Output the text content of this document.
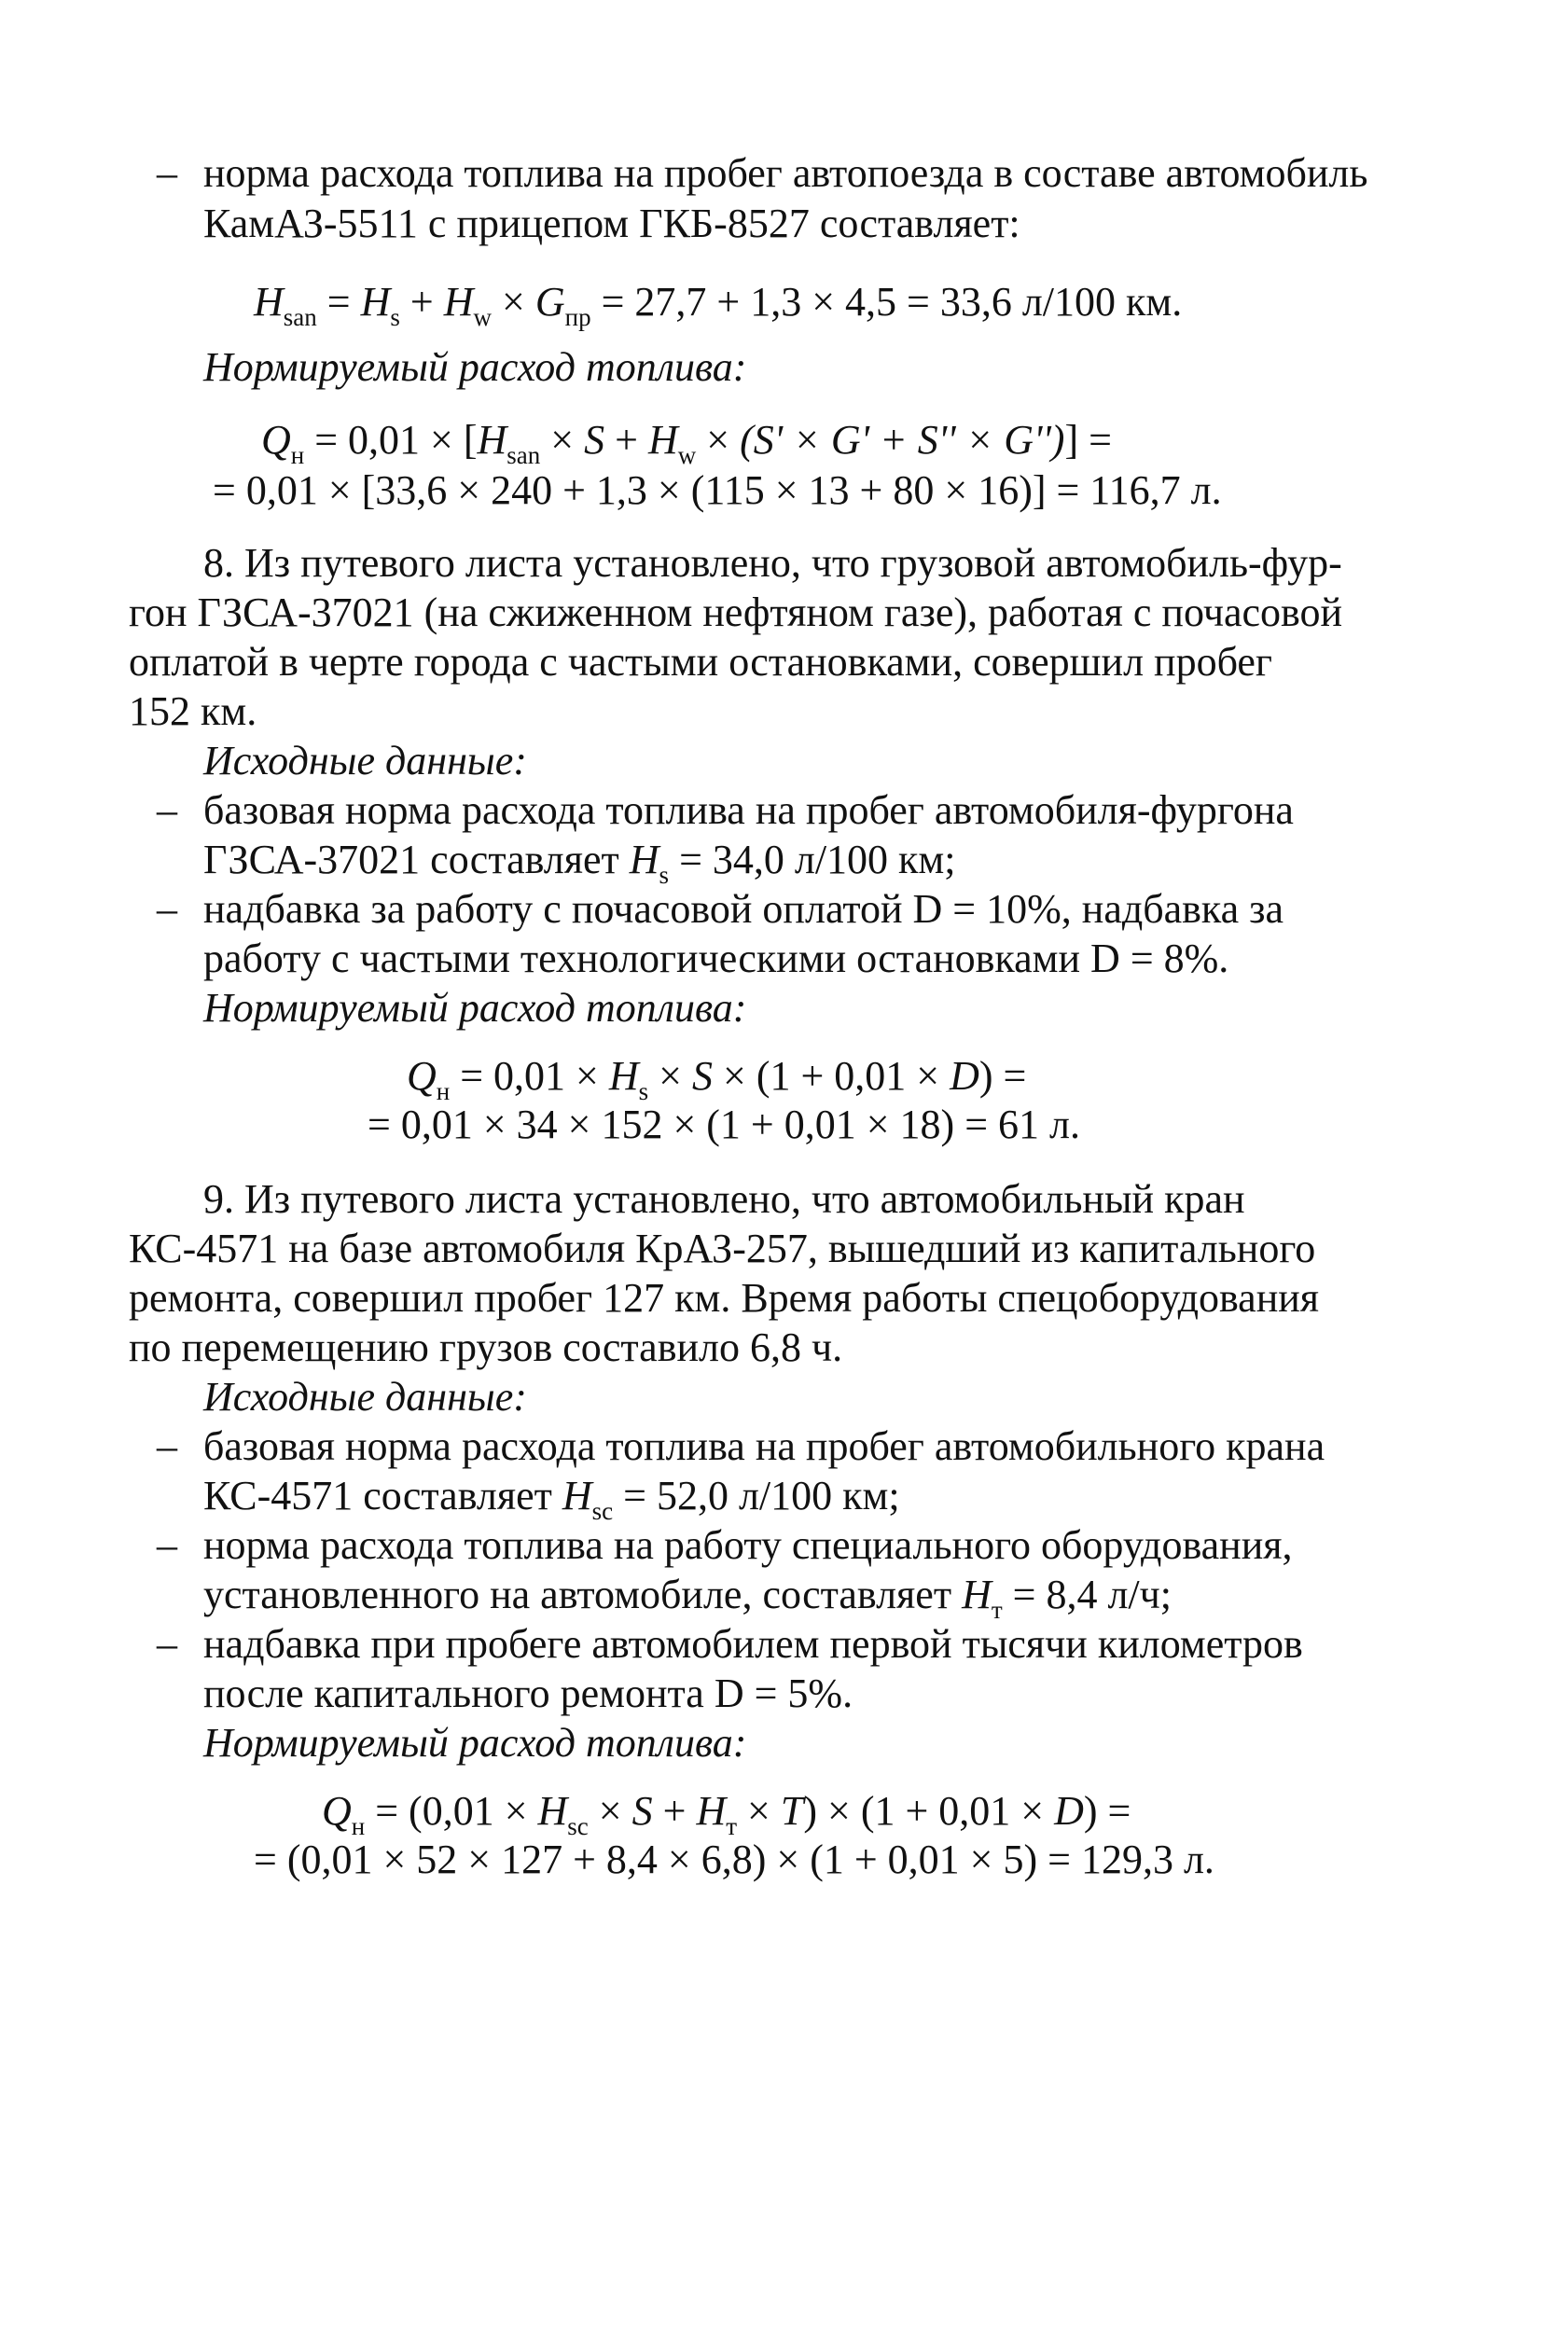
– норма расхода топлива на пробег автопоезда в составе автомобиль

КамАЗ-5511 с прицепом ГКБ-8527 составляет:

$H_{san} = H_s + H_w \times G_{пр} = 27,7 + 1,3 \times 4,5 = 33,6$ л/100 км.

Нормируемый расход топлива:

$Q_н = 0,01 \times [H_{san} \times S + H_w \times (S' \times G' + S'' \times G'')]$ =

= 0,01 × [33,6 × 240 + 1,3 × (115 × 13 + 80 × 16)] = 116,7 л.

8. Из путевого листа установлено, что грузовой автомобиль-фур-

гон ГЗСА-37021 (на сжиженном нефтяном газе), работая с почасовой

оплатой в черте города с частыми остановками, совершил пробег

152 км.

Исходные данные:

– базовая норма расхода топлива на пробег автомобиля-фургона

ГЗСА-37021 составляет $H_s = 34,0$ л/100 км;

– надбавка за работу с почасовой оплатой D = 10%, надбавка за

работу с частыми технологическими остановками D = 8%.

Нормируемый расход топлива:

$Q_н = 0,01 \times H_s \times S \times (1 + 0,01 \times D)$ =

= 0,01 × 34 × 152 × (1 + 0,01 × 18) = 61 л.

9. Из путевого листа установлено, что автомобильный кран

КС-4571 на базе автомобиля КрАЗ-257, вышедший из капитального

ремонта, совершил пробег 127 км. Время работы спецоборудования

по перемещению грузов составило 6,8 ч.

Исходные данные:

– базовая норма расхода топлива на пробег автомобильного крана

КС-4571 составляет $H_{sc} = 52,0$ л/100 км;

– норма расхода топлива на работу специального оборудования,

установленного на автомобиле, составляет $H_т = 8,4$ л/ч;

– надбавка при пробеге автомобилем первой тысячи километров

после капитального ремонта D = 5%.

Нормируемый расход топлива:

$Q_н = (0,01 \times H_{sc} \times S + H_т \times T) \times (1 + 0,01 \times D)$ =

= (0,01 × 52 × 127 + 8,4 × 6,8) × (1 + 0,01 × 5) = 129,3 л.
